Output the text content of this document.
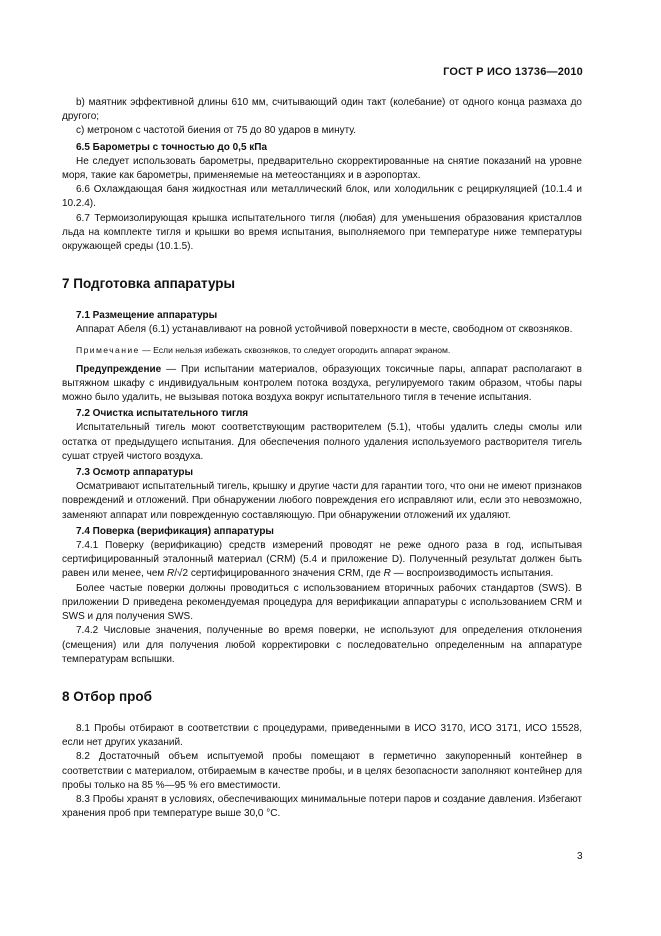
ГОСТ Р ИСО 13736—2010

b) маятник эффективной длины 610 мм, считывающий один такт (колебание) от одного конца размаха до другого;

c) метроном с частотой биения от 75 до 80 ударов в минуту.

6.5 Барометры с точностью до 0,5 кПа

Не следует использовать барометры, предварительно скорректированные на снятие показаний на уровне моря, такие как барометры, применяемые на метеостанциях и в аэропортах.

6.6 Охлаждающая баня жидкостная или металлический блок, или холодильник с рециркуляцией (10.1.4 и 10.2.4).

6.7 Термоизолирующая крышка испытательного тигля (любая) для уменьшения образования кристаллов льда на комплекте тигля и крышки во время испытания, выполняемого при температуре ниже температуры окружающей среды (10.1.5).

7 Подготовка аппаратуры

7.1 Размещение аппаратуры

Аппарат Абеля (6.1) устанавливают на ровной устойчивой поверхности в месте, свободном от сквозняков.

Примечание — Если нельзя избежать сквозняков, то следует огородить аппарат экраном.

Предупреждение — При испытании материалов, образующих токсичные пары, аппарат располагают в вытяжном шкафу с индивидуальным контролем потока воздуха, регулируемого таким образом, чтобы пары можно было удалить, не вызывая потока воздуха вокруг испытательного тигля в течение испытания.

7.2 Очистка испытательного тигля

Испытательный тигель моют соответствующим растворителем (5.1), чтобы удалить следы смолы или остатка от предыдущего испытания. Для обеспечения полного удаления используемого растворителя тигель сушат струей чистого воздуха.

7.3 Осмотр аппаратуры

Осматривают испытательный тигель, крышку и другие части для гарантии того, что они не имеют признаков повреждений и отложений. При обнаружении любого повреждения его исправляют или, если это невозможно, заменяют аппарат или поврежденную составляющую. При обнаружении отложений их удаляют.

7.4 Поверка (верификация) аппаратуры

7.4.1 Поверку (верификацию) средств измерений проводят не реже одного раза в год, испытывая сертифицированный эталонный материал (CRM) (5.4 и приложение D). Полученный результат должен быть равен или менее, чем R/√2 сертифицированного значения CRM, где R — воспроизводимость испытания.

Более частые поверки должны проводиться с использованием вторичных рабочих стандартов (SWS). В приложении D приведена рекомендуемая процедура для верификации аппаратуры с использованием CRM и SWS и для получения SWS.

7.4.2 Числовые значения, полученные во время поверки, не используют для определения отклонения (смещения) или для получения любой корректировки с последовательно определенным на аппаратуре температурам вспышки.

8 Отбор проб

8.1 Пробы отбирают в соответствии с процедурами, приведенными в ИСО 3170, ИСО 3171, ИСО 15528, если нет других указаний.

8.2 Достаточный объем испытуемой пробы помещают в герметично закупоренный контейнер в соответствии с материалом, отбираемым в качестве пробы, и в целях безопасности заполняют контейнер для пробы только на 85 %—95 % его вместимости.

8.3 Пробы хранят в условиях, обеспечивающих минимальные потери паров и создание давления. Избегают хранения проб при температуре выше 30,0 °С.

3
